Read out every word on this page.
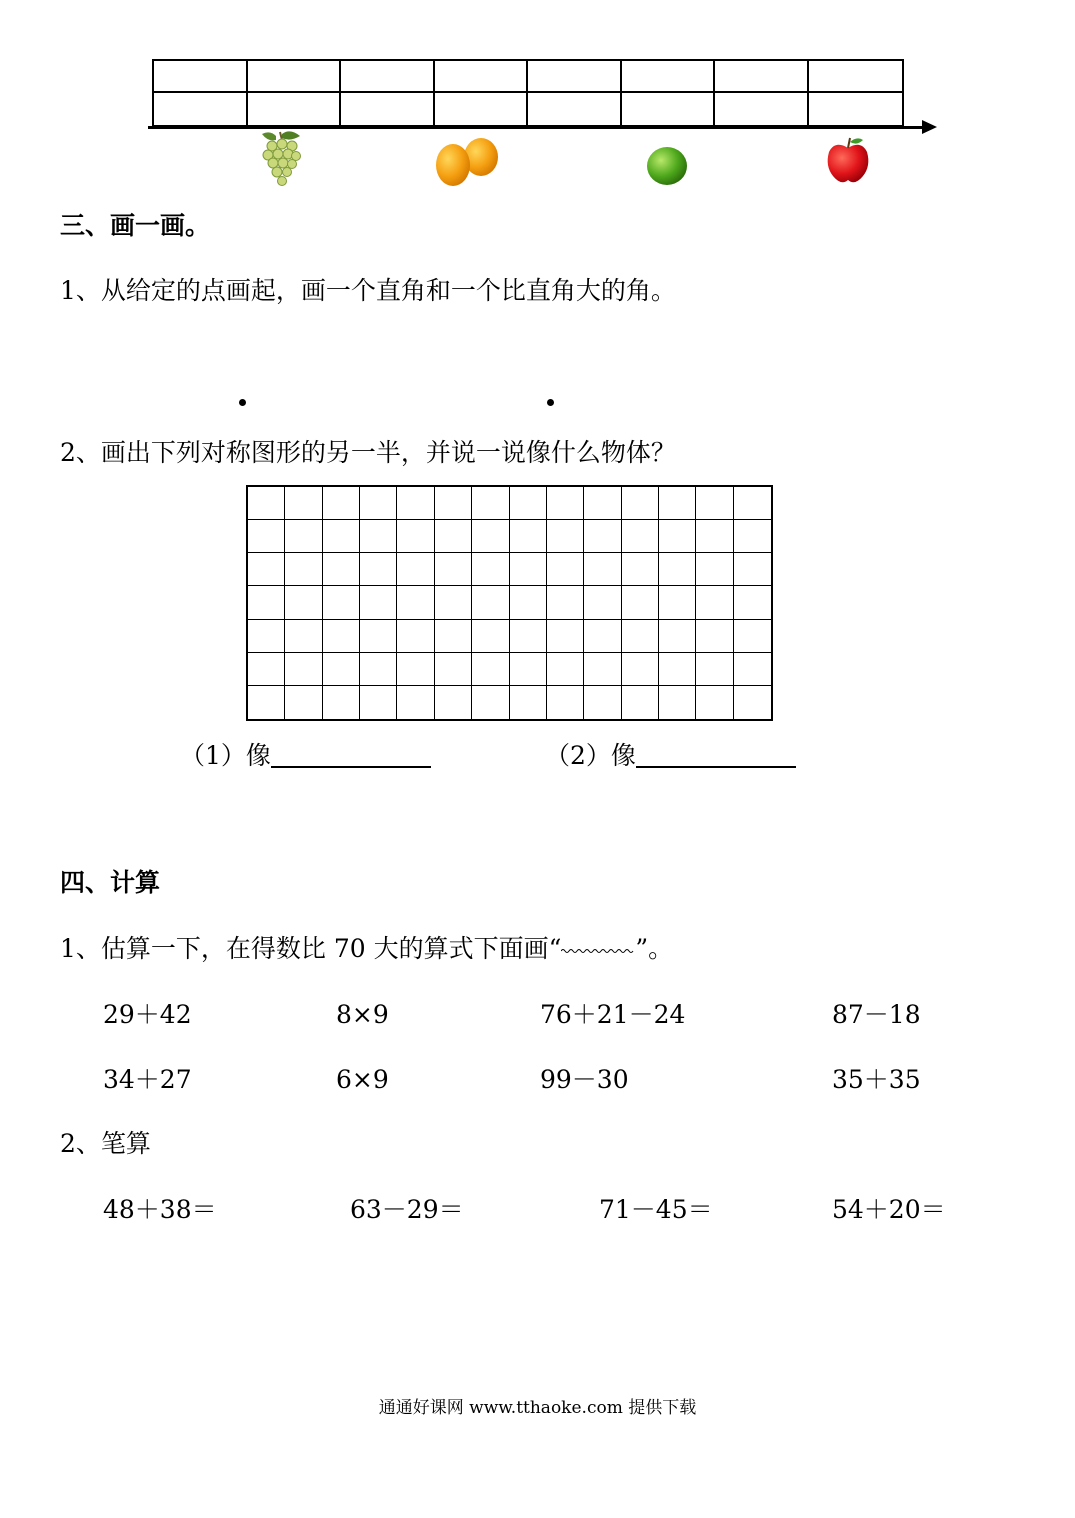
三、画一画。
1、从给定的点画起，画一个直角和一个比直角大的角。
2、画出下列对称图形的另一半，并说一说像什么物体？
（1）像	（2）像
四、计算
1、估算一下，在得数比 70 大的算式下面画“	”。
29＋42	8×9	76＋21－24	87－18
34＋27	6×9	99－30	35＋35
2、笔算
48＋38＝	63－29＝	71－45＝	54＋20＝
通通好课网 www.tthaoke.com 提供下载
